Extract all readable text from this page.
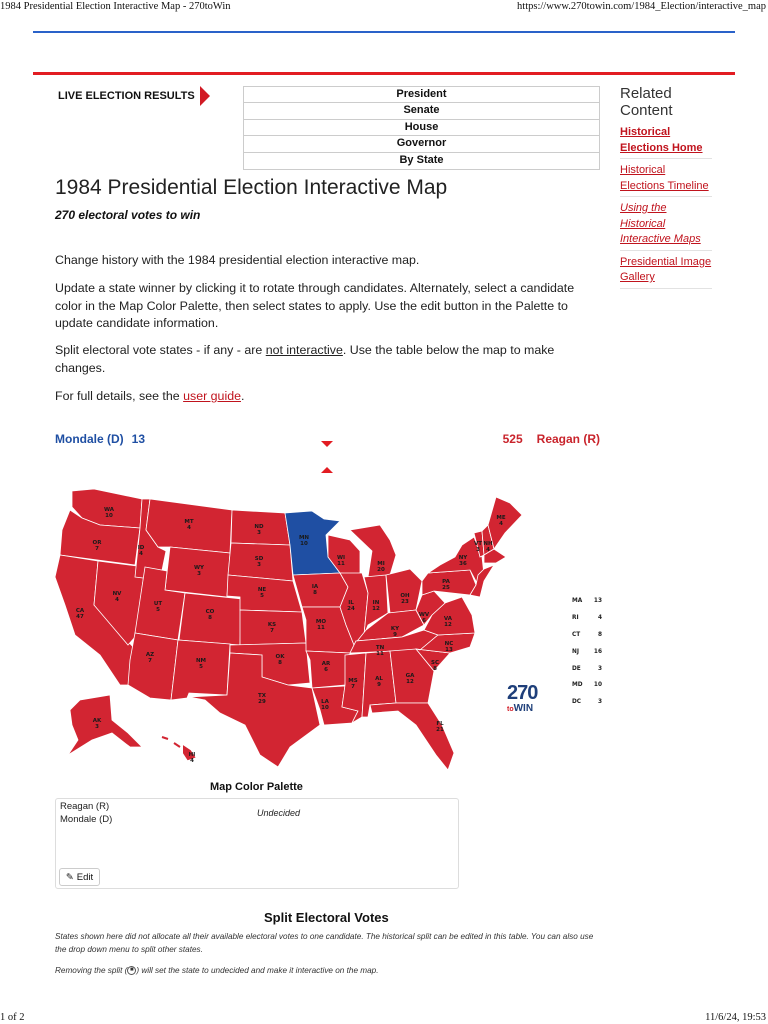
1984 Presidential Election Interactive Map - 270toWin	https://www.270towin.com/1984_Election/interactive_map
1 of 2	11/6/24, 19:53
LIVE ELECTION RESULTS	President
Senate
House
Governor
By State
Related Content
Historical Elections Home
Historical Elections Timeline
Using the Historical Interactive Maps
Presidential Image Gallery
1984 Presidential Election Interactive Map
270 electoral votes to win

Change history with the 1984 presidential election interactive map.

Update a state winner by clicking it to rotate through candidates. Alternately, select a candidate color in the Map Color Palette, then select states to apply. Use the edit button in the Palette to update candidate information.

Split electoral vote states - if any - are not interactive. Use the table below the map to make changes.

For full details, see the user guide.

Mondale (D) 13	525 Reagan (R)
WA
10
OR
7
CA
47
NV
4
ID
4
MT
4
WY
3
UT
5
AZ
7
CO
8
NM
5
ND
3
SD
3
NE
5
KS
7
OK
8
TX
29
MN
10
IA
8
MO
11
AR
6
LA
10
WI
11
IL
24
MI
20
IN
12
OH
23
KY
9
TN
11
MS
7
AL
9
GA
12
FL
21
SC
8
NC
13
VA
12
WV
6
PA
25
NY
36
VT
3
NH
4
ME
4
AK
3
HI
4
MA 13
RI	4
CT	8
NJ	16
DE	3
MD 10
DC	3
270
toWIN
Map Color Palette
Reagan (R)
Mondale (D)
Undecided
✎ Edit
Split Electoral Votes
States shown here did not allocate all their available electoral votes to one candidate. The historical split can be edited in this table. You can also use the drop down menu to split other states.
Removing the split ( ■ ) will set the state to undecided and make it interactive on the map.
